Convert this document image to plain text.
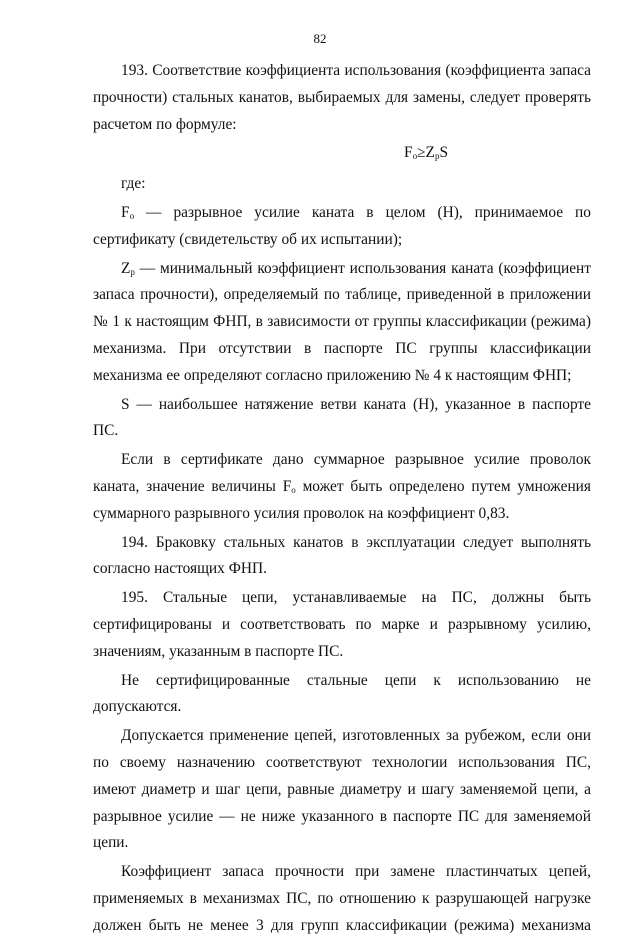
82

193. Соответствие коэффициента использования (коэффициента запаса прочности) стальных канатов, выбираемых для замены, следует проверять расчетом по формуле:

$F_o\ge Z_pS$

где:

$F_o$ — разрывное усилие каната в целом (Н), принимаемое по сертификату (свидетельству об их испытании);

$Z_p$ — минимальный коэффициент использования каната (коэффициент запаса прочности), определяемый по таблице, приведенной в приложении № 1 к настоящим ФНП, в зависимости от группы классификации (режима) механизма. При отсутствии в паспорте ПС группы классификации механизма ее определяют согласно приложению № 4 к настоящим ФНП;

S — наибольшее натяжение ветви каната (Н), указанное в паспорте ПС.

Если в сертификате дано суммарное разрывное усилие проволок каната, значение величины $F_o$ может быть определено путем умножения суммарного разрывного усилия проволок на коэффициент 0,83.

194. Браковку стальных канатов в эксплуатации следует выполнять согласно настоящих ФНП.

195. Стальные цепи, устанавливаемые на ПС, должны быть сертифицированы и соответствовать по марке и разрывному усилию, значениям, указанным в паспорте ПС.

Не сертифицированные стальные цепи к использованию не допускаются.

Допускается применение цепей, изготовленных за рубежом, если они по своему назначению соответствуют технологии использования ПС, имеют диаметр и шаг цепи, равные диаметру и шагу заменяемой цепи, а разрывное усилие — не ниже указанного в паспорте ПС для заменяемой цепи.

Коэффициент запаса прочности при замене пластинчатых цепей, применяемых в механизмах ПС, по отношению к разрушающей нагрузке должен быть не менее 3 для групп классификации (режима) механизма
